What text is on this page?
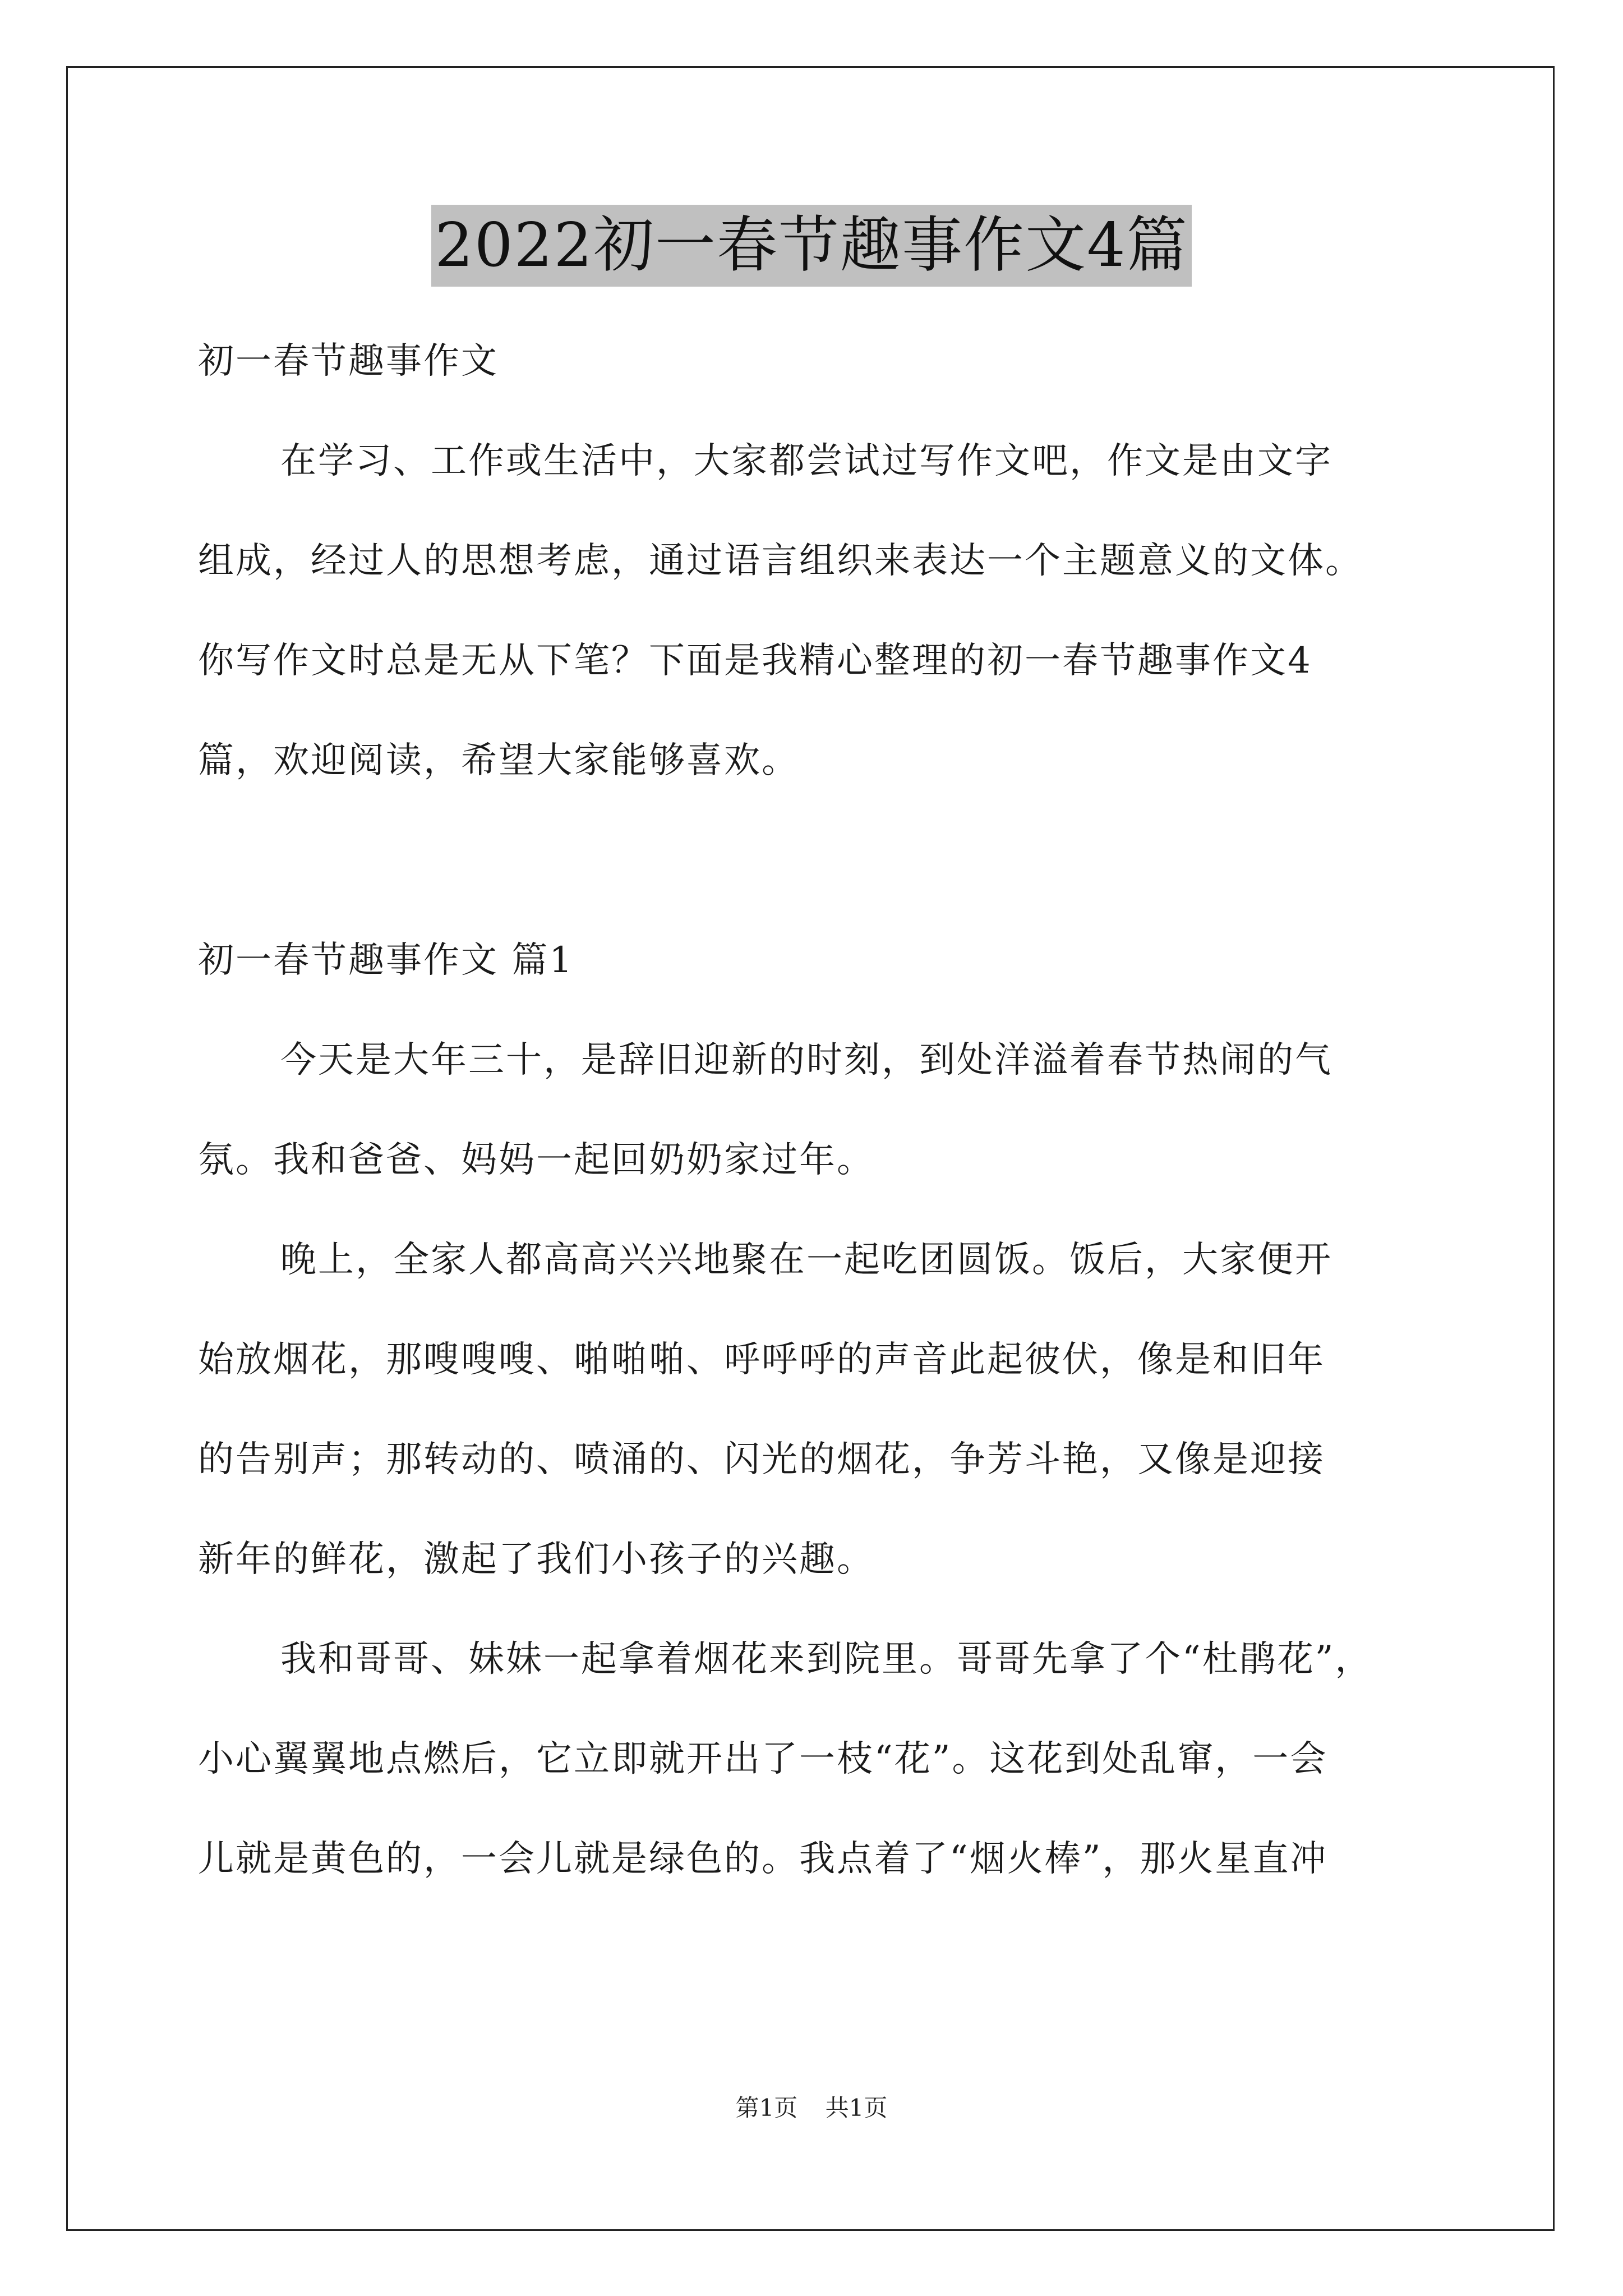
2022初一春节趣事作文4篇
初一春节趣事作文
在学习、工作或生活中，大家都尝试过写作文吧，作文是由文字
组成，经过人的思想考虑，通过语言组织来表达一个主题意义的文体。
你写作文时总是无从下笔？下面是我精心整理的初一春节趣事作文4
篇，欢迎阅读，希望大家能够喜欢。
初一春节趣事作文 篇1
今天是大年三十，是辞旧迎新的时刻，到处洋溢着春节热闹的气
氛。我和爸爸、妈妈一起回奶奶家过年。
晚上，全家人都高高兴兴地聚在一起吃团圆饭。饭后，大家便开
始放烟花，那嗖嗖嗖、啪啪啪、呼呼呼的声音此起彼伏，像是和旧年
的告别声；那转动的、喷涌的、闪光的烟花，争芳斗艳，又像是迎接
新年的鲜花，激起了我们小孩子的兴趣。
我和哥哥、妹妹一起拿着烟花来到院里。哥哥先拿了个“杜鹃花”，
小心翼翼地点燃后，它立即就开出了一枝“花”。这花到处乱窜，一会
儿就是黄色的，一会儿就是绿色的。我点着了“烟火棒”，那火星直冲
第1页 共1页
